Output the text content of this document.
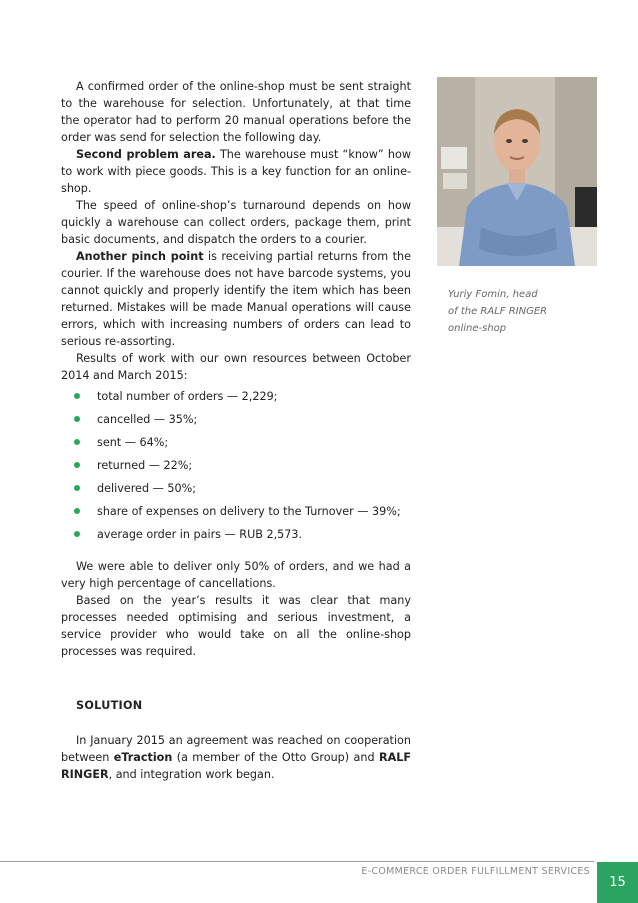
A confirmed order of the online-shop must be sent straight to the warehouse for selection. Unfortunately, at that time the operator had to perform 20 manual operations before the order was send for selection the following day.

Second problem area. The warehouse must “know” how to work with piece goods. This is a key function for an online-shop.

The speed of online-shop’s turnaround depends on how quickly a warehouse can collect orders, package them, print basic documents, and dispatch the orders to a courier.

Another pinch point is receiving partial returns from the courier. If the warehouse does not have barcode systems, you cannot quickly and properly identify the item which has been returned. Mistakes will be made Manual operations will cause errors, which with increasing numbers of orders can lead to serious re-assorting.

Results of work with our own resources between October 2014 and March 2015:

total number of orders — 2,229;
cancelled — 35%;
sent — 64%;
returned — 22%;
delivered — 50%;
share of expenses on delivery to the Turnover — 39%;
average order in pairs — RUB 2,573.

We were able to deliver only 50% of orders, and we had a very high percentage of cancellations.

Based on the year’s results it was clear that many processes needed optimising and serious investment, a service provider who would take on all the online-shop processes was required.

SOLUTION

In January 2015 an agreement was reached on cooperation between eTraction (a member of the Otto Group) and RALF RINGER, and integration work began.

Yuriy Fomin, head
of the RALF RINGER
online-shop
E-COMMERCE ORDER FULFILLMENT SERVICES
15
